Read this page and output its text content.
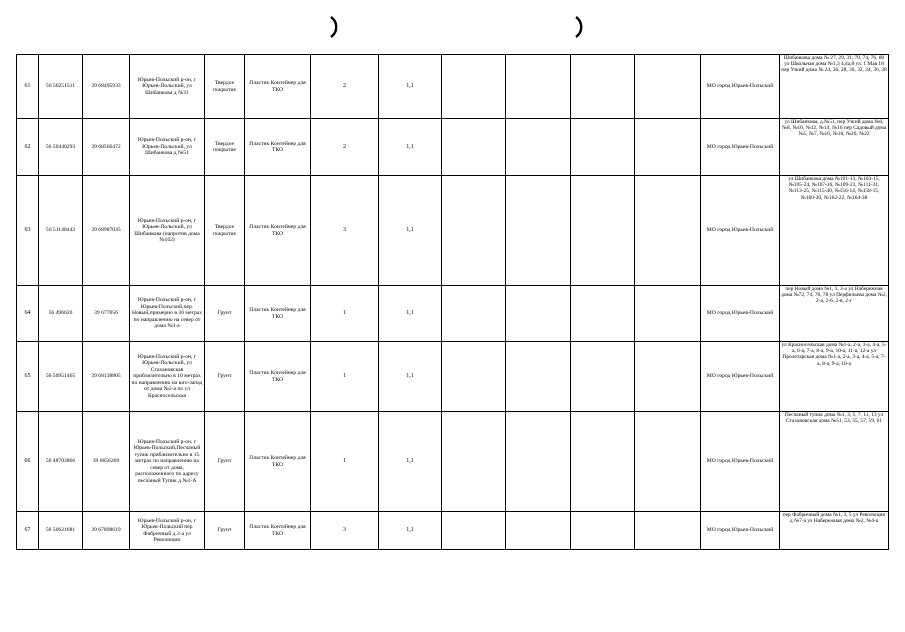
61	56 50251511	39 68495933	Юрьев-Польский р-он, г Юрьев-Польский, ул Шибанкова д №31	Твердое покрытие	Пластик Контейнер для ТКО	2	1,1					МО город Юрьев-Польский	Шибанкова дома № 27, 29, 31, 70, 74, 76, 80 ул Школьная дома №1,3 4,4а,8 ул. 1 Мая 18 пер Узкий дома № 24, 26, 28, 30, 32, 34, 36, 38
62	56 50440293	39 68566472	Юрьев-Польский р-он, г Юрьев-Польский, ул Шибанкова д №51	Твердое покрытие	Пластик Контейнер для ТКО	2	1,1					МО город Юрьев-Польский	ул Шибанкова, д.№51, пер Узкий дома №6, №8, №10, №12, №14, №16 пер Садовый дома №5, №7, №16, №18, №20, №22
63	56 51140443	39 68987035	Юрьев-Польский р-он, г Юрьев-Польский, ул Шибанкова (напротив дома №162)	Твердое покрытие	Пластик Контейнер для ТКО	3	1,1					МО город Юрьев-Польский	ул Шибанкова дома №101-13, №103-15, №105-24, №107-16, №109-23, №111-31, №113-25, №115-40, №156-14, №158-15, №160-20, №162-22, №164-38
64	56 496620	39 677056	Юрьев-Польский р-он, г Юрьев-Польский,пер. Новый,примерно в 30 метрах по направлению на север от дома №3-а	Грунт	Пластик Контейнер для ТКО	1	1,1					МО город Юрьев-Польский	пер Новый дома №1, 3, 3-а ул Набережная дома №72, 74, 76, 78 ул Перфильева дома №2, 2-а, 2-б, 2-в, 2-г
65	56 50951465	39 68138805	Юрьев-Польский р-он, г Юрьев-Польский, ул Стахановская приблизительно в 10 метрах по направлению на юго-запад от дома №2-а по ул Красносельская	Грунт	Пластик Контейнер для ТКО	1	1,1					МО город Юрьев-Польский	ул Красносельская дома №1-а, 2-а, 3-а, 4-а, 5-а, 6-а, 7-а, 8-а, 9-а, 10-а, 11-а, 12-а ул Пролетарская дома №1-а, 2-а, 3-а, 4-а, 5-а, 7-а, 8-а, 9-а, 10-а
66	56 48703866	39 6656269	Юрьев-Польский р-он, г Юрьев-Польский,Песчаный тупик приблизительно в 15 метрах по направлению на север от дома, расположенного по адресу песчаный Тупик д №1-А	Грунт	Пластик Контейнер для ТКО	1	1,1					МО город Юрьев-Польский	Песчаный тупик дома №1, 3, 5, 7, 11, 13 ул Стахановская дома №51, 53, 55, 57, 59, 61
67	56 50621681	39 67898619	Юрьев-Польский р-он, г Юрьев-Польский пер Фабричный д.3-а ул Революции	Грунт	Пластик Контейнер для ТКО	3	1,1					МО город Юрьев-Польский	пер Фабричный дома №1, 3, 5 ул Революции д №7-а ул Набережная дома №2, №4-а
